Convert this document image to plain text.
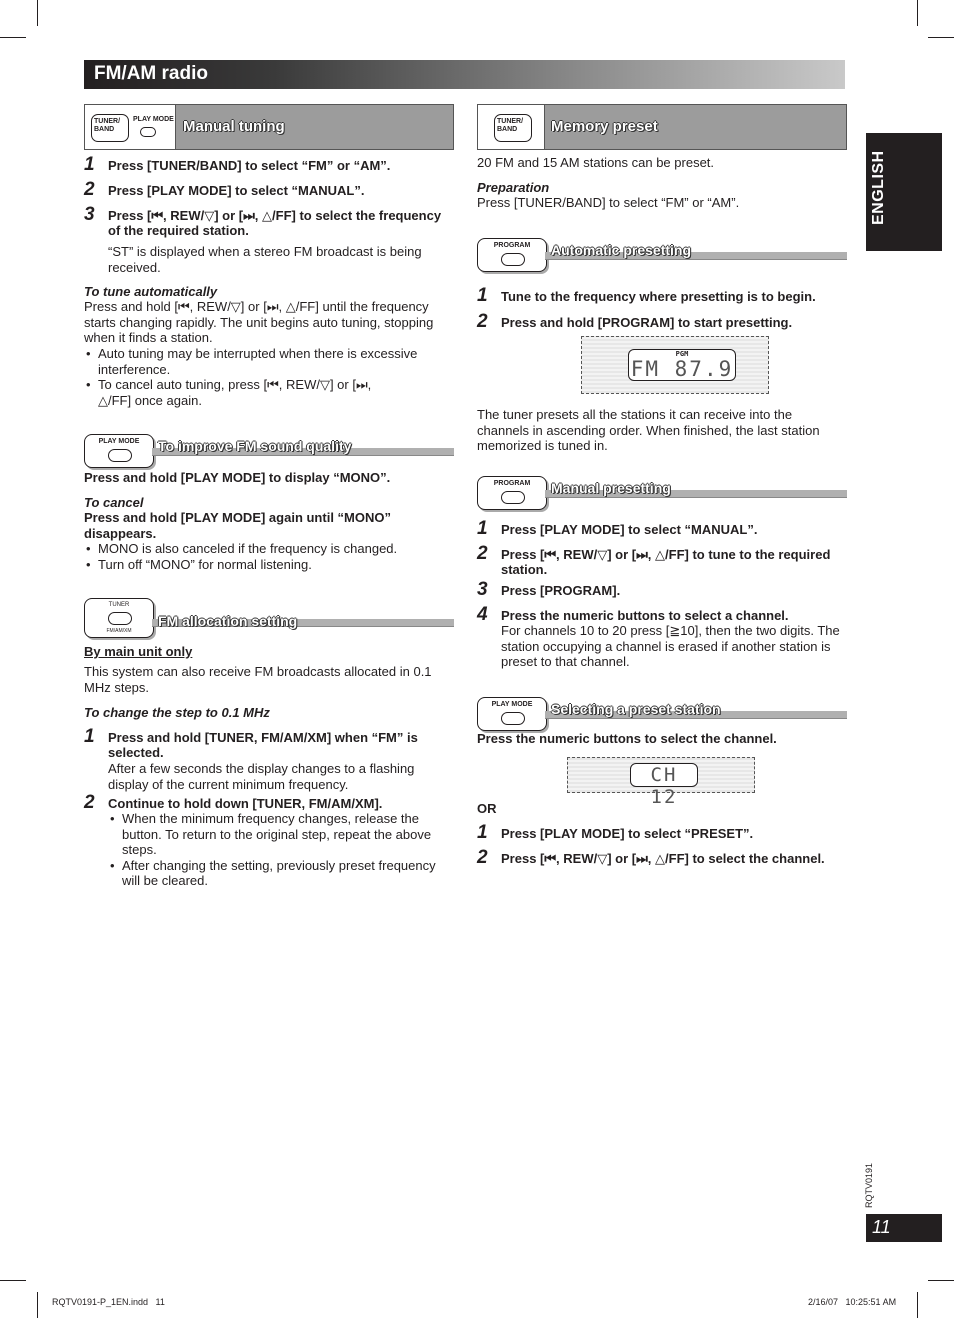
FM/AM radio
ENGLISH
TUNER/
BAND
PLAY MODE Manual tuning
1 Press [TUNER/BAND] to select “FM” or “AM”.
2 Press [PLAY MODE] to select “MANUAL”.
3 Press [⏮, REW/▽] or [⏭, △/FF] to select the frequency of the required station.

“ST” is displayed when a stereo FM broadcast is being received.

To tune automatically

Press and hold [⏮, REW/▽] or [⏭, △/FF] until the frequency starts changing rapidly. The unit begins auto tuning, stopping when it finds a station.

• Auto tuning may be interrupted when there is excessive interference.
• To cancel auto tuning, press [⏮, REW/▽] or [⏭, △/FF] once again.
PLAY MODE	To improve FM sound quality

Press and hold [PLAY MODE] to display “MONO”.

To cancel

Press and hold [PLAY MODE] again until “MONO” disappears.

• MONO is also canceled if the frequency is changed.
• Turn off “MONO” for normal listening.
TUNER
FM/AM/XM
FM allocation setting

By main unit only

This system can also receive FM broadcasts allocated in 0.1 MHz steps.

To change the step to 0.1 MHz

1 Press and hold [TUNER, FM/AM/XM] when “FM” is selected.

After a few seconds the display changes to a flashing display of the current minimum frequency.

2 Continue to hold down [TUNER, FM/AM/XM].
• When the minimum frequency changes, release the button. To return to the original step, repeat the above steps.
• After changing the setting, previously preset frequency will be cleared.
TUNER/
BAND	Memory preset

20 FM and 15 AM stations can be preset.

Preparation

Press [TUNER/BAND] to select “FM” or “AM”.

PROGRAM	Automatic presetting
1 Tune to the frequency where presetting is to begin.
2 Press and hold [PROGRAM] to start presetting.
PGM
FM 87.9

The tuner presets all the stations it can receive into the channels in ascending order. When finished, the last station memorized is tuned in.

PROGRAM	Manual presetting
1 Press [PLAY MODE] to select “MANUAL”.
2 Press [⏮, REW/▽] or [⏭, △/FF] to tune to the required station.
3 Press [PROGRAM].
4 Press the numeric buttons to select a channel.

For channels 10 to 20 press [≧10], then the two digits. The station occupying a channel is erased if another station is preset to that channel.

PLAY MODE	Selecting a preset station

Press the numeric buttons to select the channel.

CH 12

OR

1 Press [PLAY MODE] to select “PRESET”.
2 Press [⏮, REW/▽] or [⏭, △/FF] to select the channel.
RQTV0191
11
RQTV0191-P_1EN.indd   11	2/16/07   10:25:51 AM
